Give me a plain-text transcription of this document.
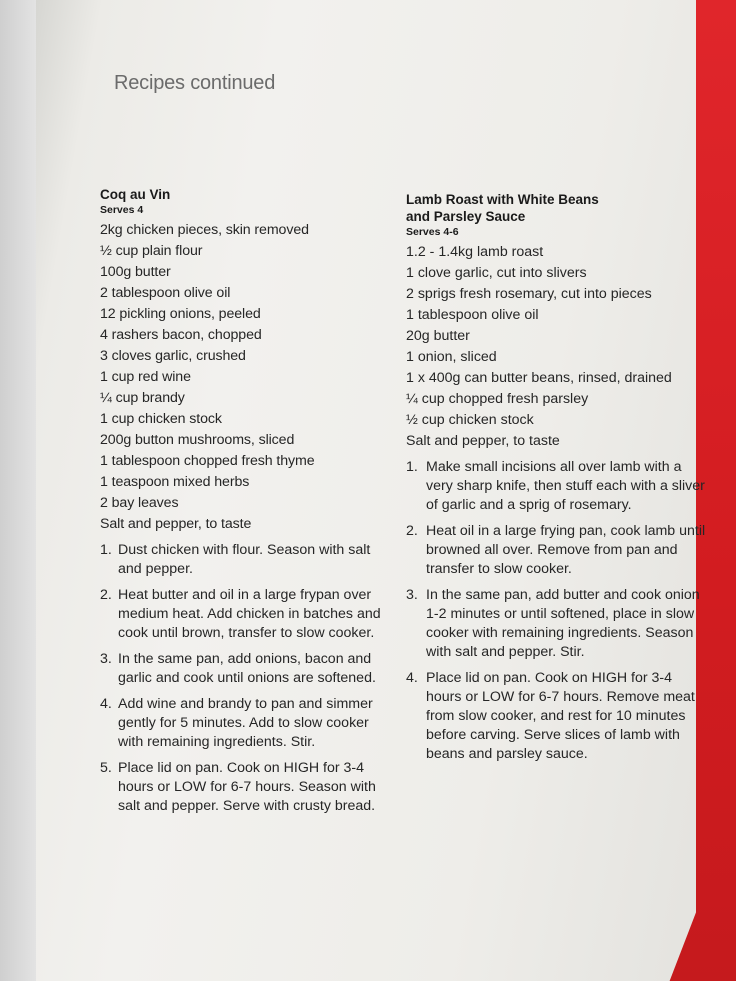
Recipes continued
Coq au Vin
Serves 4
2kg chicken pieces, skin removed
½ cup plain flour
100g butter
2 tablespoon olive oil
12 pickling onions, peeled
4 rashers bacon, chopped
3 cloves garlic, crushed
1 cup red wine
¼ cup brandy
1 cup chicken stock
200g button mushrooms, sliced
1 tablespoon chopped fresh thyme
1 teaspoon mixed herbs
2 bay leaves
Salt and pepper, to taste
1. Dust chicken with flour. Season with salt and pepper.
2. Heat butter and oil in a large frypan over medium heat. Add chicken in batches and cook until brown, transfer to slow cooker.
3. In the same pan, add onions, bacon and garlic and cook until onions are softened.
4. Add wine and brandy to pan and simmer gently for 5 minutes. Add to slow cooker with remaining ingredients. Stir.
5. Place lid on pan. Cook on HIGH for 3-4 hours or LOW for 6-7 hours. Season with salt and pepper. Serve with crusty bread.
Lamb Roast with White Beans
and Parsley Sauce
Serves 4-6
1.2 - 1.4kg lamb roast
1 clove garlic, cut into slivers
2 sprigs fresh rosemary, cut into pieces
1 tablespoon olive oil
20g butter
1 onion, sliced
1 x 400g can butter beans, rinsed, drained
¼ cup chopped fresh parsley
½ cup chicken stock
Salt and pepper, to taste
1. Make small incisions all over lamb with a very sharp knife, then stuff each with a sliver of garlic and a sprig of rosemary.
2. Heat oil in a large frying pan, cook lamb until browned all over. Remove from pan and transfer to slow cooker.
3. In the same pan, add butter and cook onion 1-2 minutes or until softened, place in slow cooker with remaining ingredients. Season with salt and pepper. Stir.
4. Place lid on pan. Cook on HIGH for 3-4 hours or LOW for 6-7 hours. Remove meat from slow cooker, and rest for 10 minutes before carving. Serve slices of lamb with beans and parsley sauce.
